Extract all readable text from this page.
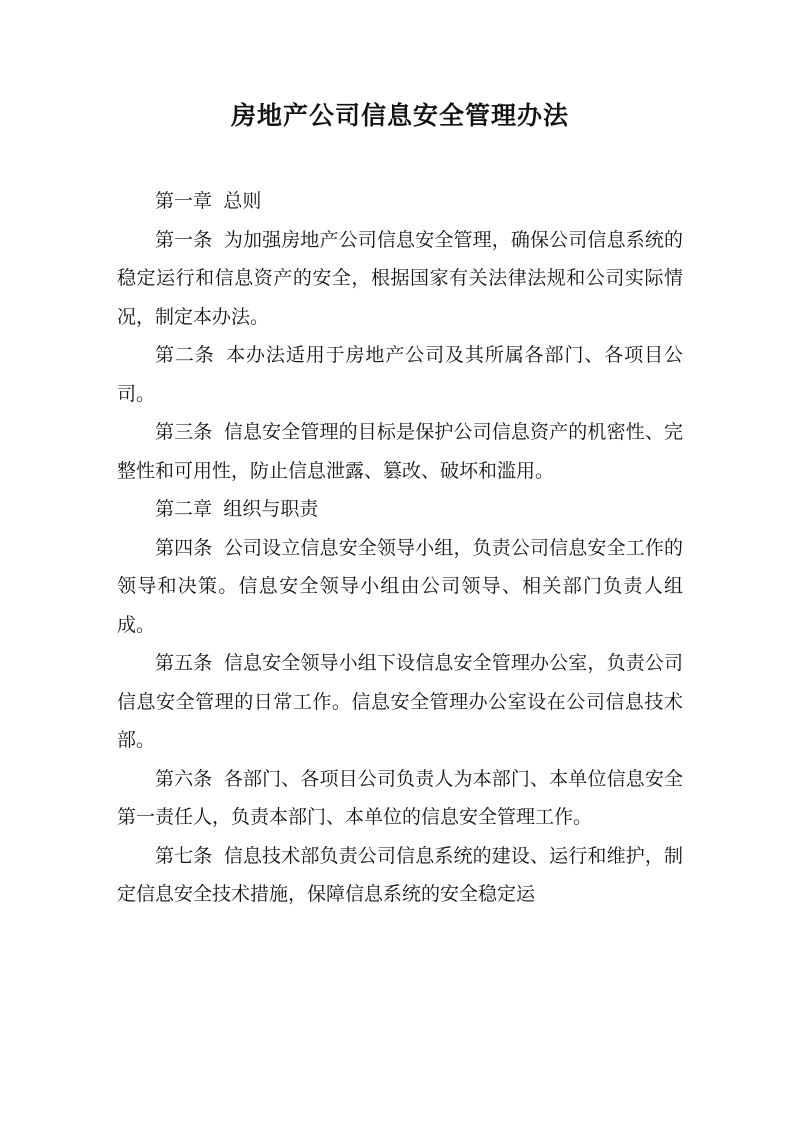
房地产公司信息安全管理办法

第一章 总则

第一条 为加强房地产公司信息安全管理，确保公司信息系统的稳定运行和信息资产的安全，根据国家有关法律法规和公司实际情况，制定本办法。

第二条 本办法适用于房地产公司及其所属各部门、各项目公司。

第三条 信息安全管理的目标是保护公司信息资产的机密性、完整性和可用性，防止信息泄露、篡改、破坏和滥用。

第二章 组织与职责

第四条 公司设立信息安全领导小组，负责公司信息安全工作的领导和决策。信息安全领导小组由公司领导、相关部门负责人组成。

第五条 信息安全领导小组下设信息安全管理办公室，负责公司信息安全管理的日常工作。信息安全管理办公室设在公司信息技术部。

第六条 各部门、各项目公司负责人为本部门、本单位信息安全第一责任人，负责本部门、本单位的信息安全管理工作。

第七条 信息技术部负责公司信息系统的建设、运行和维护，制定信息安全技术措施，保障信息系统的安全稳定运
